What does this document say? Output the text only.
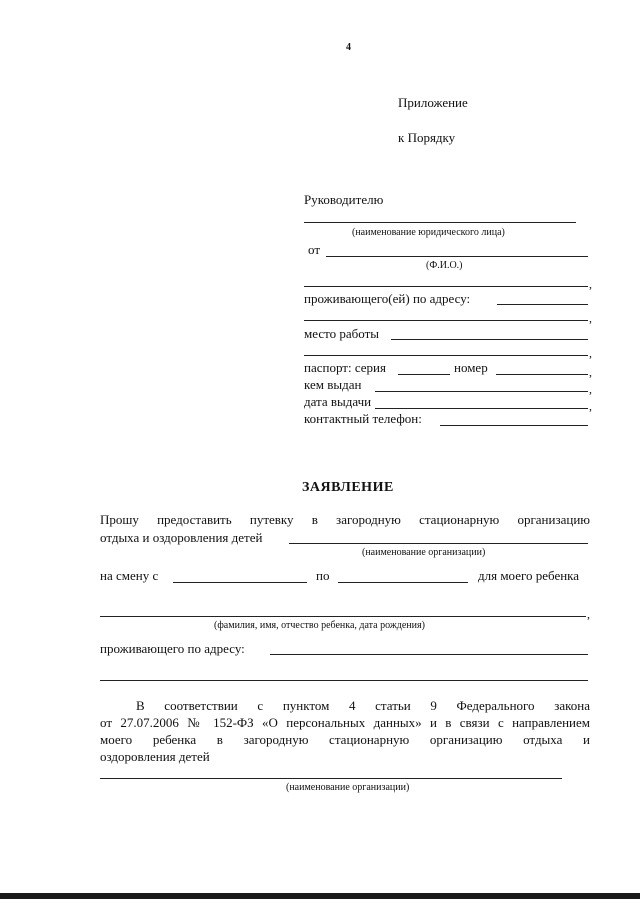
4
Приложение
к Порядку
Руководителю
(наименование юридического лица)
от
(Ф.И.О.)
,
проживающего(ей) по адресу:
,
место работы
,
паспорт: серия	номер	,
кем выдан	,
дата выдачи	,
контактный телефон:
ЗАЯВЛЕНИЕ
Прошу предоставить путевку в загородную стационарную организацию
отдыха и оздоровления детей
(наименование организации)
на смену с	по	для моего ребенка
,
(фамилия, имя, отчество ребенка, дата рождения)
проживающего по адресу:
В соответствии с пунктом 4 статьи 9 Федерального закона
от 27.07.2006 № 152-ФЗ «О персональных данных» и в связи с направлением
моего ребенка в загородную стационарную организацию отдыха и
оздоровления детей
(наименование организации)
